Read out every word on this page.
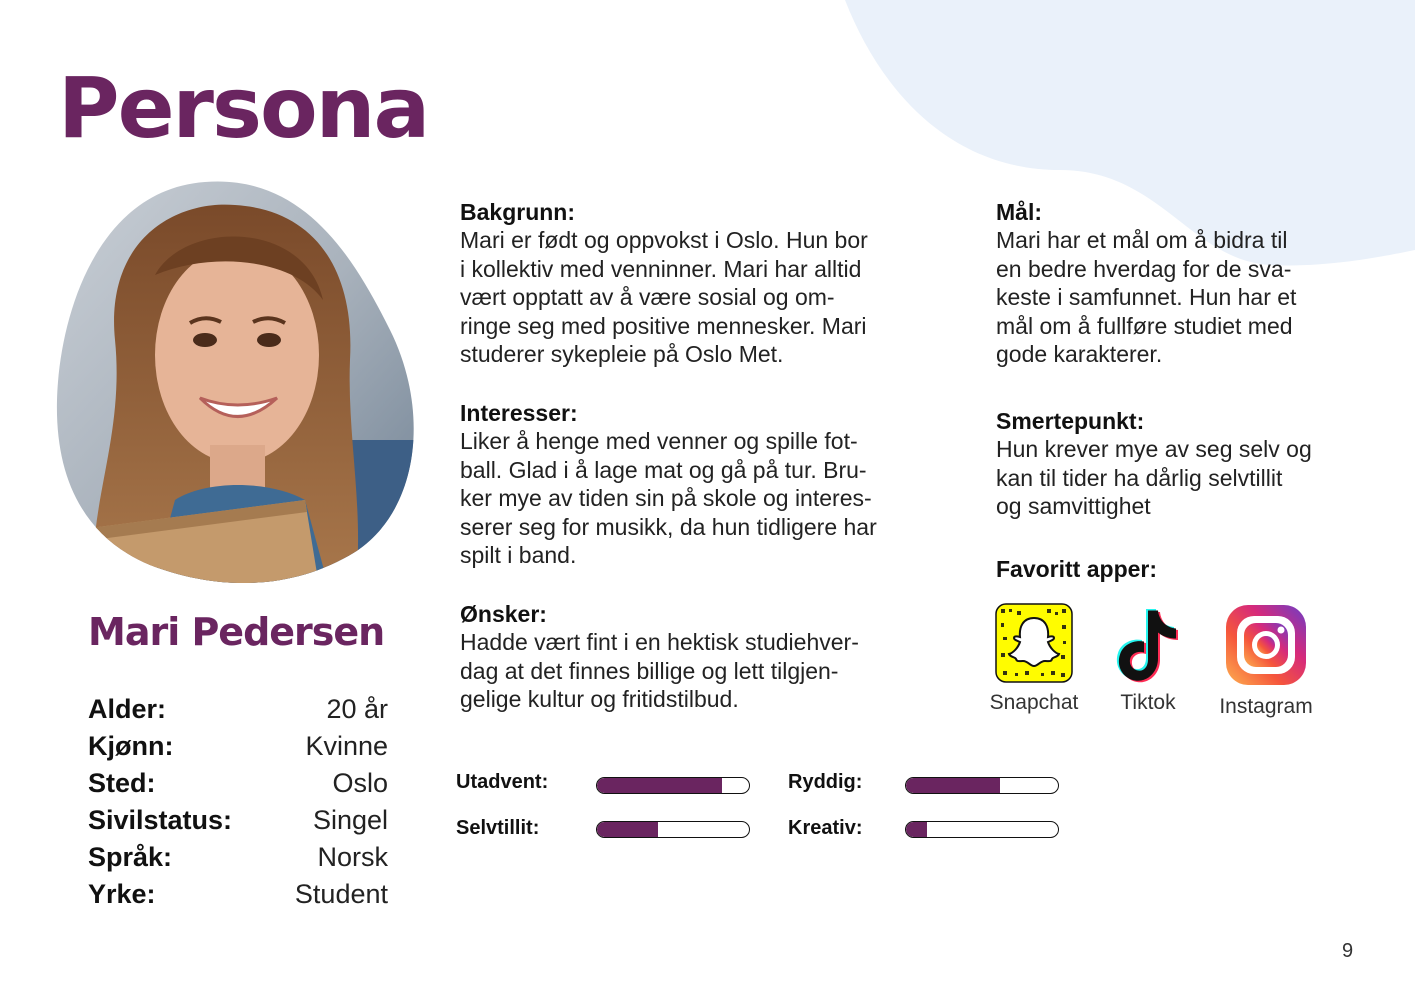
Persona
Mari Pedersen
Alder:	20 år
Kjønn:	Kvinne
Sted:	Oslo
Sivilstatus:	Singel
Språk:	Norsk
Yrke:	Student
Bakgrunn:
Mari er født og oppvokst i Oslo. Hun bor
i kollektiv med venninner. Mari har alltid
vært opptatt av å være sosial og om-
ringe seg med positive mennesker. Mari
studerer sykepleie på Oslo Met.
Interesser:
Liker å henge med venner og spille fot-
ball. Glad i å lage mat og gå på tur. Bru-
ker mye av tiden sin på skole og interes-
serer seg for musikk, da hun tidligere har
spilt i band.
Ønsker:
Hadde vært fint i en hektisk studiehver-
dag at det finnes billige og lett tilgjen-
gelige kultur og fritidstilbud.
Mål:
Mari har et mål om å bidra til
en bedre hverdag for de sva-
keste i samfunnet. Hun har et
mål om å fullføre studiet med
gode karakterer.
Smertepunkt:
Hun krever mye av seg selv og
kan til tider ha dårlig selvtillit
og samvittighet
Favoritt apper:
Snapchat	Tiktok	Instagram
Utadvent:
Selvtillit:
Ryddig:
Kreativ:
9
